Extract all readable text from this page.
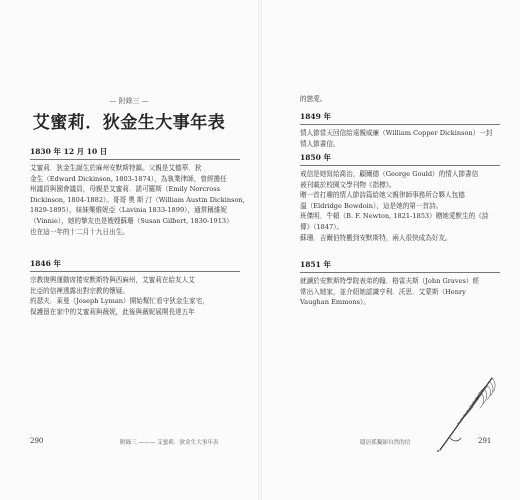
— 附錄三 —
艾蜜莉．狄金生大事年表

1830 年 12 月 10 日

艾蜜莉．狄金生誕生於麻州安默斯特鎮。父親是艾德華．狄

金生（Edward Dickinson, 1803-1874），為執業律師，曾經擔任

州議員與國會議員，母親是艾蜜莉．諾可羅斯（Emily Norcross

Dickinson, 1804-1882）。哥哥 奧 斯 汀（William Austin Dickinson,

1829-1895），妹妹樂維妮亞（Lavinia 1833-1899），通常稱維妮

（Vinnie），她的摯友也是嫂嫂蘇珊（Susan Gilbert, 1830-1913）

也在這一年的十二月十九日出生。

1846 年

宗教復興運動席捲安默斯特與西麻州，艾蜜莉在給友人艾

比亞的信裡透露出對宗教的懷疑。

約瑟夫．萊曼（Joseph Lyman）開始幫忙看守狄金生家宅，

保護留在家中的艾蜜莉與薇妮，此後與薇妮展開長達五年

290	附錄三 ——— 艾蜜莉．狄金生大事年表

的戀愛。

1849 年

情人節當天回信給遠親威廉（William Copper Dickinson）一封

情人節書信。

1850 年

戒信是她寫給喬治，顧爾德（George Gould）的情人節書信

被刊載於校園文學刊物《指標》。

贈一首打趣的情人節詩篇給她父親律師事務所合夥人包德

溫（Eldridge Bowdoin），這是她的第一首詩。

班傑明．牛頓（B. F. Newton, 1821-1853）贈她愛默生的《詩

傳》（1847）。

蘇珊．吉爾伯特搬到安默斯特，兩人很快成為好友。

1851 年

就讀於安默斯特學院表弟的翰．格雷夫斯（John Graves）經

常出入她家，並介紹她認識亨利．沃思．艾蒙斯（Henry

Vaughan Emmons）。

291
隱居孤獨卻自然的信
